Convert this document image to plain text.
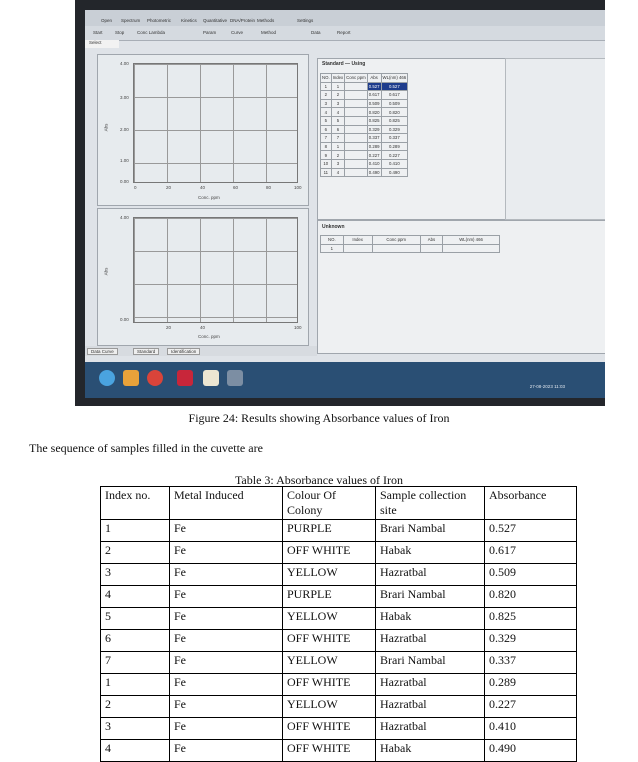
Open Spectrum Photometric Kinetics Quantitative DNA/Protein Methods	Settings
Start	Stop	Conc Lambda	Param	Curve	Method	Data	Report
Select
Abs
4.00
3.00
2.00
1.00
0.00
0	20	40	60	80	100
Conc. ppm
Abs
4.00
0.00
20	40	100
Conc. ppm
Standard — Using
NO.	Index	Conc ppm	Abs	WL(nm) 466
1	1		0.527	0.527
2	2		0.617	0.617
3	3		0.509	0.509
4	4		0.820	0.820
5	5		0.825	0.825
6	6		0.329	0.329
7	7		0.337	0.337
8	1		0.289	0.289
9	2		0.227	0.227
10	3		0.410	0.410
11	4		0.490	0.490
Unknown
NO.	Index	Conc ppm	Abs	WL(nm) 466
1				
Data Curve	Standard	Identification
27-08-2023 11:03
Figure 24: Results showing Absorbance values of Iron
The sequence of samples filled in the cuvette are
Table 3: Absorbance values of Iron
Index no.	Metal Induced	Colour Of Colony	Sample collection site	Absorbance
1	Fe	PURPLE	Brari Nambal	0.527
2	Fe	OFF WHITE	Habak	0.617
3	Fe	YELLOW	Hazratbal	0.509
4	Fe	PURPLE	Brari Nambal	0.820
5	Fe	YELLOW	Habak	0.825
6	Fe	OFF WHITE	Hazratbal	0.329
7	Fe	YELLOW	Brari Nambal	0.337
1	Fe	OFF WHITE	Hazratbal	0.289
2	Fe	YELLOW	Hazratbal	0.227
3	Fe	OFF WHITE	Hazratbal	0.410
4	Fe	OFF WHITE	Habak	0.490
